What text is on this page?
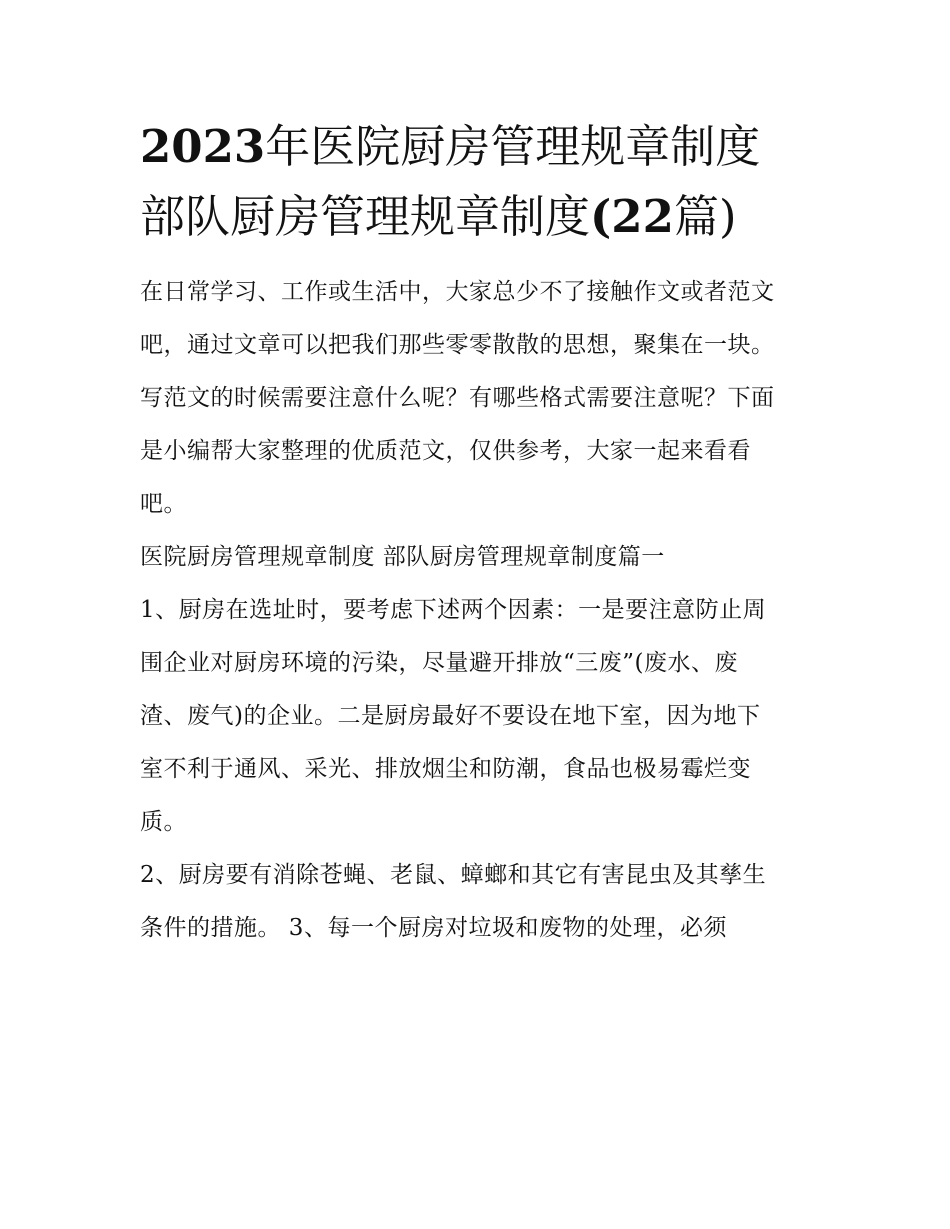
2023年医院厨房管理规章制度
部队厨房管理规章制度(22篇)

在日常学习、工作或生活中，大家总少不了接触作文或者范文
吧，通过文章可以把我们那些零零散散的思想，聚集在一块。
写范文的时候需要注意什么呢？有哪些格式需要注意呢？下面
是小编帮大家整理的优质范文，仅供参考，大家一起来看看
吧。

医院厨房管理规章制度 部队厨房管理规章制度篇一

1、厨房在选址时，要考虑下述两个因素：一是要注意防止周
围企业对厨房环境的污染，尽量避开排放“三废”(废水、废
渣、废气)的企业。二是厨房最好不要设在地下室，因为地下
室不利于通风、采光、排放烟尘和防潮，食品也极易霉烂变
质。

2、厨房要有消除苍蝇、老鼠、蟑螂和其它有害昆虫及其孳生
条件的措施。 3、每一个厨房对垃圾和废物的处理，必须
